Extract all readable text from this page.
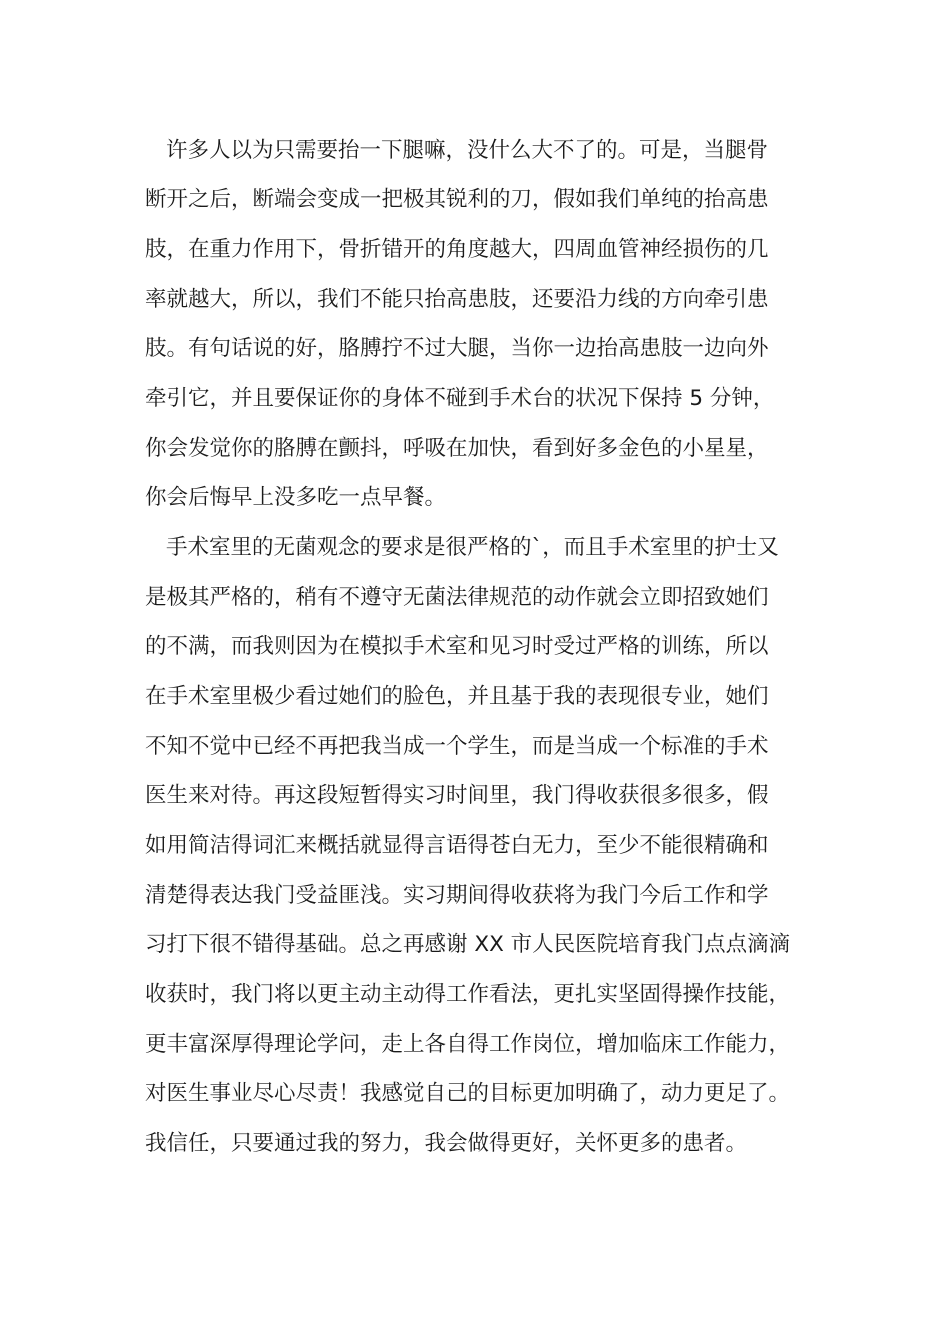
许多人以为只需要抬一下腿嘛，没什么大不了的。可是，当腿骨
断开之后，断端会变成一把极其锐利的刀，假如我们单纯的抬高患
肢，在重力作用下，骨折错开的角度越大，四周血管神经损伤的几
率就越大，所以，我们不能只抬高患肢，还要沿力线的方向牵引患
肢。有句话说的好，胳膊拧不过大腿，当你一边抬高患肢一边向外
牵引它，并且要保证你的身体不碰到手术台的状况下保持 5 分钟，
你会发觉你的胳膊在颤抖，呼吸在加快，看到好多金色的小星星，
你会后悔早上没多吃一点早餐。
手术室里的无菌观念的要求是很严格的`，而且手术室里的护士又
是极其严格的，稍有不遵守无菌法律规范的动作就会立即招致她们
的不满，而我则因为在模拟手术室和见习时受过严格的训练，所以
在手术室里极少看过她们的脸色，并且基于我的表现很专业，她们
不知不觉中已经不再把我当成一个学生，而是当成一个标准的手术
医生来对待。再这段短暂得实习时间里，我门得收获很多很多，假
如用简洁得词汇来概括就显得言语得苍白无力，至少不能很精确和
清楚得表达我门受益匪浅。实习期间得收获将为我门今后工作和学
习打下很不错得基础。总之再感谢 XX 市人民医院培育我门点点滴滴
收获时，我门将以更主动主动得工作看法，更扎实坚固得操作技能，
更丰富深厚得理论学问，走上各自得工作岗位，增加临床工作能力，
对医生事业尽心尽责！我感觉自己的目标更加明确了，动力更足了。
我信任，只要通过我的努力，我会做得更好，关怀更多的患者。
